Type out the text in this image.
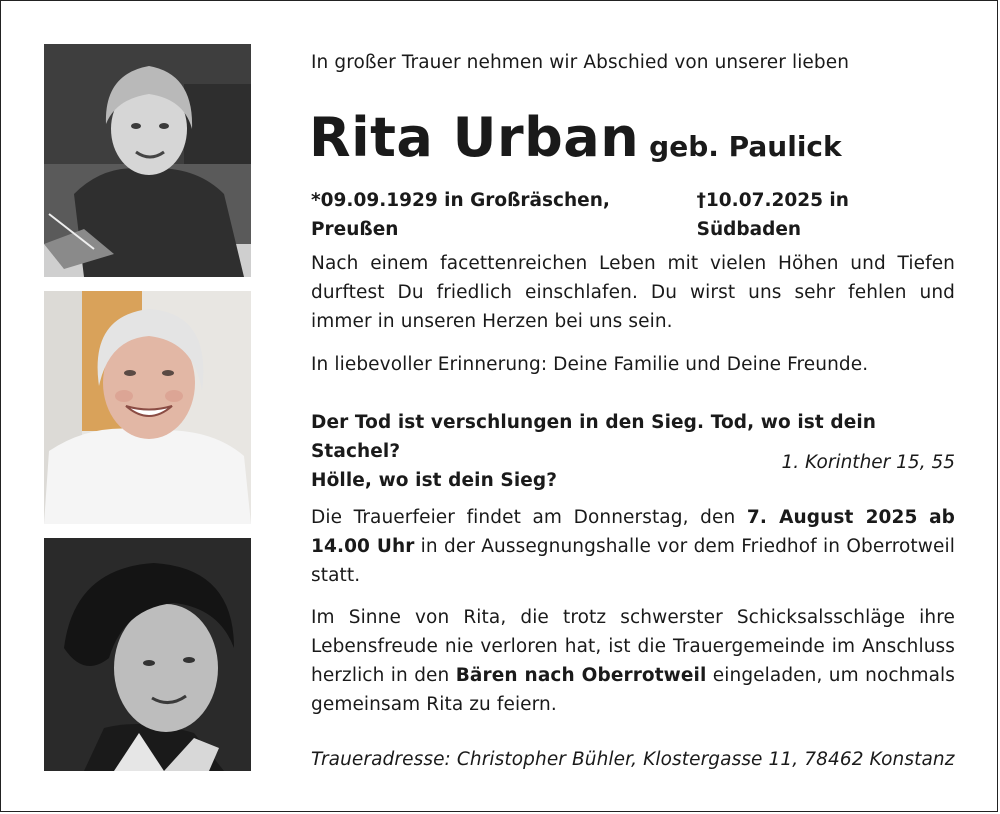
In großer Trauer nehmen wir Abschied von unserer lieben
Rita Urban geb. Paulick
*09.09.1929 in Großräschen, Preußen
†10.07.2025 in Südbaden
Nach einem facettenreichen Leben mit vielen Höhen und Tiefen durftest Du friedlich einschlafen. Du wirst uns sehr fehlen und immer in unseren Herzen bei uns sein.
In liebevoller Erinnerung: Deine Familie und Deine Freunde.
Der Tod ist verschlungen in den Sieg. Tod, wo ist dein Stachel?
Hölle, wo ist dein Sieg?
1. Korinther 15, 55
Die Trauerfeier findet am Donnerstag, den 7. August 2025 ab 14.00 Uhr in der Aussegnungshalle vor dem Friedhof in Oberrotweil statt.
Im Sinne von Rita, die trotz schwerster Schicksalsschläge ihre Lebensfreude nie verloren hat, ist die Trauergemeinde im Anschluss herzlich in den Bären nach Oberrotweil eingeladen, um nochmals gemeinsam Rita zu feiern.
Traueradresse: Christopher Bühler, Klostergasse 11, 78462 Konstanz
